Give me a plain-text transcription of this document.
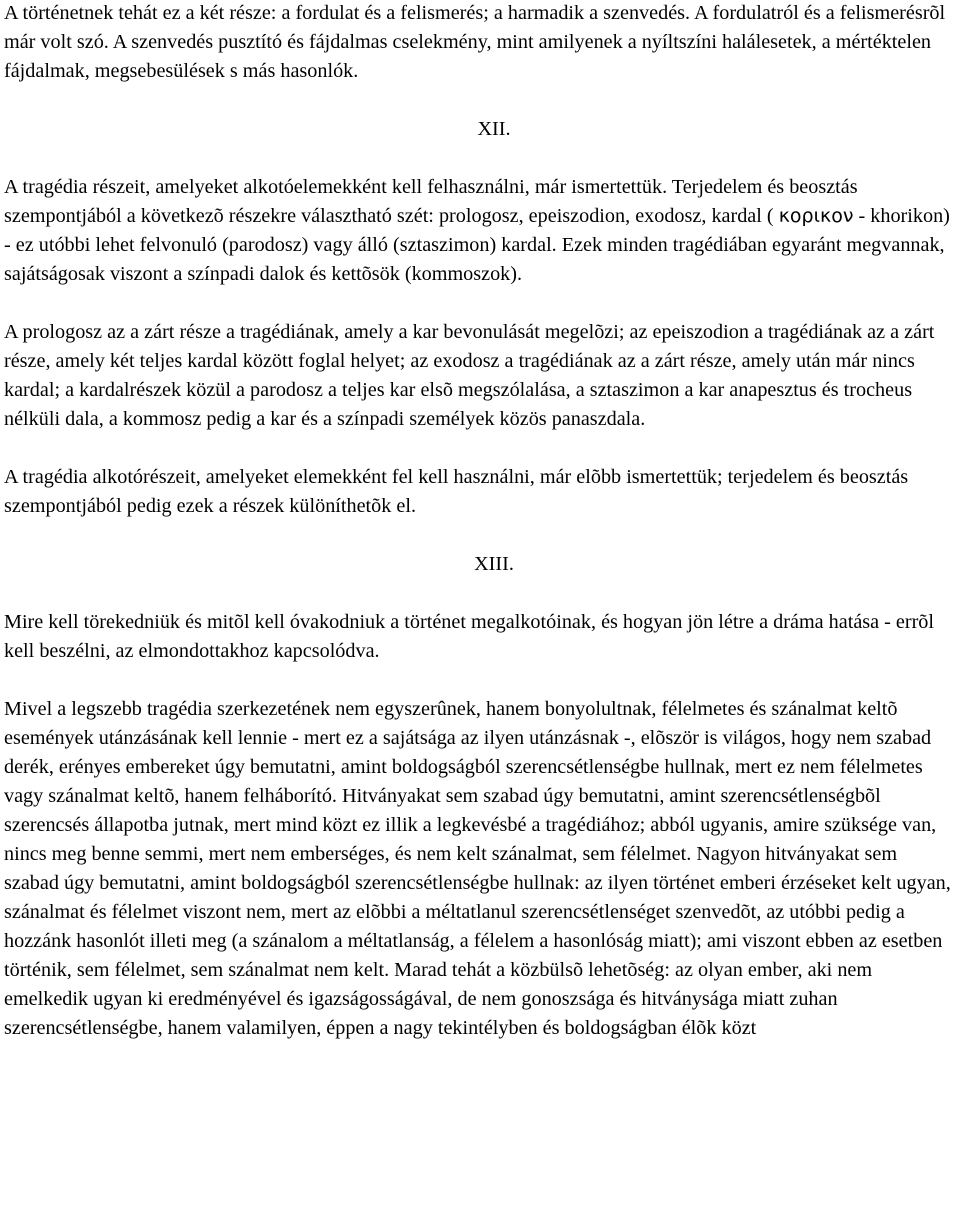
A történetnek tehát ez a két része: a fordulat és a felismerés; a harmadik a szenvedés. A fordulatról és a felismerésrõl már volt szó. A szenvedés pusztító és fájdalmas cselekmény, mint amilyenek a nyíltszíni halálesetek, a mértéktelen fájdalmak, megsebesülések s más hasonlók.

XII.

A tragédia részeit, amelyeket alkotóelemekként kell felhasználni, már ismertettük. Terjedelem és beosztás szempontjából a következõ részekre választható szét: prologosz, epeiszodion, exodosz, kardal ( κορικον - khorikon) - ez utóbbi lehet felvonuló (parodosz) vagy álló (sztaszimon) kardal. Ezek minden tragédiában egyaránt megvannak, sajátságosak viszont a színpadi dalok és kettõsök (kommoszok).

A prologosz az a zárt része a tragédiának, amely a kar bevonulását megelõzi; az epeiszodion a tragédiának az a zárt része, amely két teljes kardal között foglal helyet; az exodosz a tragédiának az a zárt része, amely után már nincs kardal; a kardalrészek közül a parodosz a teljes kar elsõ megszólalása, a sztaszimon a kar anapesztus és trocheus nélküli dala, a kommosz pedig a kar és a színpadi személyek közös panaszdala.

A tragédia alkotórészeit, amelyeket elemekként fel kell használni, már elõbb ismertettük; terjedelem és beosztás szempontjából pedig ezek a részek különíthetõk el.

XIII.

Mire kell törekedniük és mitõl kell óvakodniuk a történet megalkotóinak, és hogyan jön létre a dráma hatása - errõl kell beszélni, az elmondottakhoz kapcsolódva.

Mivel a legszebb tragédia szerkezetének nem egyszerûnek, hanem bonyolultnak, félelmetes és szánalmat keltõ események utánzásának kell lennie - mert ez a sajátsága az ilyen utánzásnak -, elõször is világos, hogy nem szabad derék, erényes embereket úgy bemutatni, amint boldogságból szerencsétlenségbe hullnak, mert ez nem félelmetes vagy szánalmat keltõ, hanem felháborító. Hitványakat sem szabad úgy bemutatni, amint szerencsétlenségbõl szerencsés állapotba jutnak, mert mind közt ez illik a legkevésbé a tragédiához; abból ugyanis, amire szüksége van, nincs meg benne semmi, mert nem emberséges, és nem kelt szánalmat, sem félelmet. Nagyon hitványakat sem szabad úgy bemutatni, amint boldogságból szerencsétlenségbe hullnak: az ilyen történet emberi érzéseket kelt ugyan, szánalmat és félelmet viszont nem, mert az elõbbi a méltatlanul szerencsétlenséget szenvedõt, az utóbbi pedig a hozzánk hasonlót illeti meg (a szánalom a méltatlanság, a félelem a hasonlóság miatt); ami viszont ebben az esetben történik, sem félelmet, sem szánalmat nem kelt. Marad tehát a közbülsõ lehetõség: az olyan ember, aki nem emelkedik ugyan ki eredményével és igazságosságával, de nem gonoszsága és hitványsága miatt zuhan szerencsétlenségbe, hanem valamilyen, éppen a nagy tekintélyben és boldogságban élõk közt
